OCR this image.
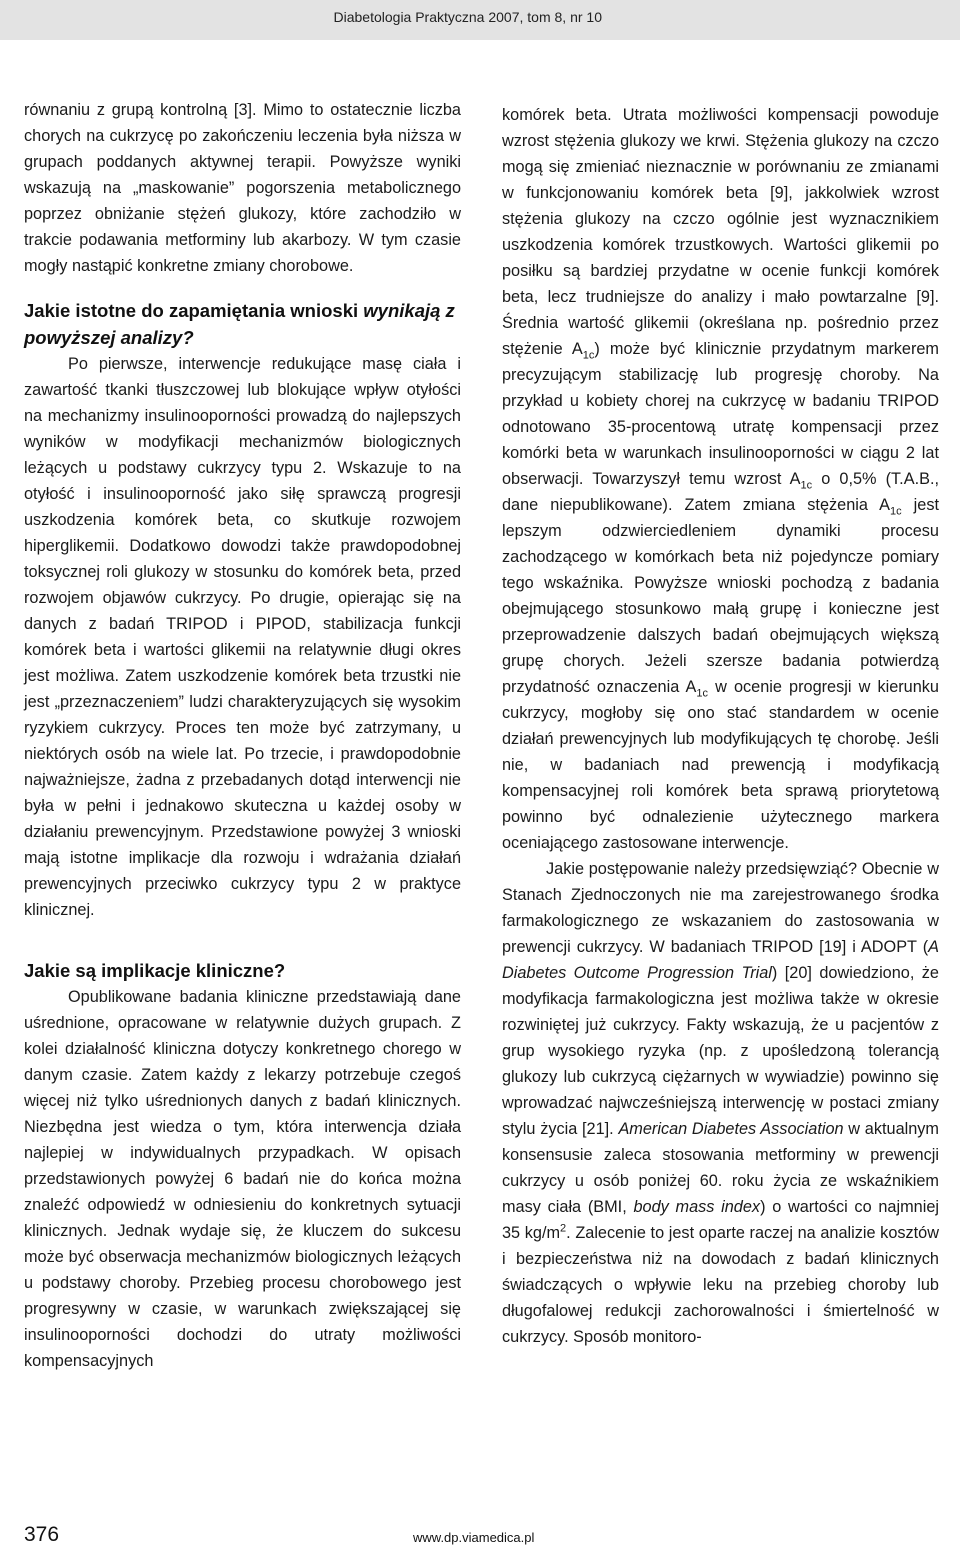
Diabetologia Praktyczna 2007, tom 8, nr 10

równaniu z grupą kontrolną [3]. Mimo to ostatecznie liczba chorych na cukrzycę po zakończeniu leczenia była niższa w grupach poddanych aktywnej terapii. Powyższe wyniki wskazują na „maskowanie” pogorszenia metabolicznego poprzez obniżanie stężeń glukozy, które zachodziło w trakcie podawania metforminy lub akarbozy. W tym czasie mogły nastąpić konkretne zmiany chorobowe.

Jakie istotne do zapamiętania wnioski wynikają z powyższej analizy?

Po pierwsze, interwencje redukujące masę ciała i zawartość tkanki tłuszczowej lub blokujące wpływ otyłości na mechanizmy insulinooporności prowadzą do najlepszych wyników w modyfikacji mechanizmów biologicznych leżących u podstawy cukrzycy typu 2. Wskazuje to na otyłość i insulinooporność jako siłę sprawczą progresji uszkodzenia komórek beta, co skutkuje rozwojem hiperglikemii. Dodatkowo dowodzi także prawdopodobnej toksycznej roli glukozy w stosunku do komórek beta, przed rozwojem objawów cukrzycy. Po drugie, opierając się na danych z badań TRIPOD i PIPOD, stabilizacja funkcji komórek beta i wartości glikemii na relatywnie długi okres jest możliwa. Zatem uszkodzenie komórek beta trzustki nie jest „przeznaczeniem” ludzi charakteryzujących się wysokim ryzykiem cukrzycy. Proces ten może być zatrzymany, u niektórych osób na wiele lat. Po trzecie, i prawdopodobnie najważniejsze, żadna z przebadanych dotąd interwencji nie była w pełni i jednakowo skuteczna u każdej osoby w działaniu prewencyjnym. Przedstawione powyżej 3 wnioski mają istotne implikacje dla rozwoju i wdrażania działań prewencyjnych przeciwko cukrzycy typu 2 w praktyce klinicznej.

Jakie są implikacje kliniczne?

Opublikowane badania kliniczne przedstawiają dane uśrednione, opracowane w relatywnie dużych grupach. Z kolei działalność kliniczna dotyczy konkretnego chorego w danym czasie. Zatem każdy z lekarzy potrzebuje czegoś więcej niż tylko uśrednionych danych z badań klinicznych. Niezbędna jest wiedza o tym, która interwencja działa najlepiej w indywidualnych przypadkach. W opisach przedstawionych powyżej 6 badań nie do końca można znaleźć odpowiedź w odniesieniu do konkretnych sytuacji klinicznych. Jednak wydaje się, że kluczem do sukcesu może być obserwacja mechanizmów biologicznych leżących u podstawy choroby. Przebieg procesu chorobowego jest progresywny w czasie, w warunkach zwiększającej się insulinooporności dochodzi do utraty możliwości kompensacyjnych

komórek beta. Utrata możliwości kompensacji powoduje wzrost stężenia glukozy we krwi. Stężenia glukozy na czczo mogą się zmieniać nieznacznie w porównaniu ze zmianami w funkcjonowaniu komórek beta [9], jakkolwiek wzrost stężenia glukozy na czczo ogólnie jest wyznacznikiem uszkodzenia komórek trzustkowych. Wartości glikemii po posiłku są bardziej przydatne w ocenie funkcji komórek beta, lecz trudniejsze do analizy i mało powtarzalne [9]. Średnia wartość glikemii (określana np. pośrednio przez stężenie $A_{1c}$) może być klinicznie przydatnym markerem precyzującym stabilizację lub progresję choroby. Na przykład u kobiety chorej na cukrzycę w badaniu TRIPOD odnotowano 35-procentową utratę kompensacji przez komórki beta w warunkach insulinooporności w ciągu 2 lat obserwacji. Towarzyszył temu wzrost $A_{1c}$ o 0,5% (T.A.B., dane niepublikowane). Zatem zmiana stężenia $A_{1c}$ jest lepszym odzwierciedleniem dynamiki procesu zachodzącego w komórkach beta niż pojedyncze pomiary tego wskaźnika. Powyższe wnioski pochodzą z badania obejmującego stosunkowo małą grupę i konieczne jest przeprowadzenie dalszych badań obejmujących większą grupę chorych. Jeżeli szersze badania potwierdzą przydatność oznaczenia $A_{1c}$ w ocenie progresji w kierunku cukrzycy, mogłoby się ono stać standardem w ocenie działań prewencyjnych lub modyfikujących tę chorobę. Jeśli nie, w badaniach nad prewencją i modyfikacją kompensacyjnej roli komórek beta sprawą priorytetową powinno być odnalezienie użytecznego markera oceniającego zastosowane interwencje.

Jakie postępowanie należy przedsięwziąć? Obecnie w Stanach Zjednoczonych nie ma zarejestrowanego środka farmakologicznego ze wskazaniem do zastosowania w prewencji cukrzycy. W badaniach TRIPOD [19] i ADOPT (A Diabetes Outcome Progression Trial) [20] dowiedziono, że modyfikacja farmakologiczna jest możliwa także w okresie rozwiniętej już cukrzycy. Fakty wskazują, że u pacjentów z grup wysokiego ryzyka (np. z upośledzoną tolerancją glukozy lub cukrzycą ciężarnych w wywiadzie) powinno się wprowadzać najwcześniejszą interwencję w postaci zmiany stylu życia [21]. American Diabetes Association w aktualnym konsensusie zaleca stosowania metforminy w prewencji cukrzycy u osób poniżej 60. roku życia ze wskaźnikiem masy ciała (BMI, body mass index) o wartości co najmniej 35 $kg/m^2$. Zalecenie to jest oparte raczej na analizie kosztów i bezpieczeństwa niż na dowodach z badań klinicznych świadczących o wpływie leku na przebieg choroby lub długofalowej redukcji zachorowalności i śmiertelność w cukrzycy. Sposób monitoro-

376	www.dp.viamedica.pl
